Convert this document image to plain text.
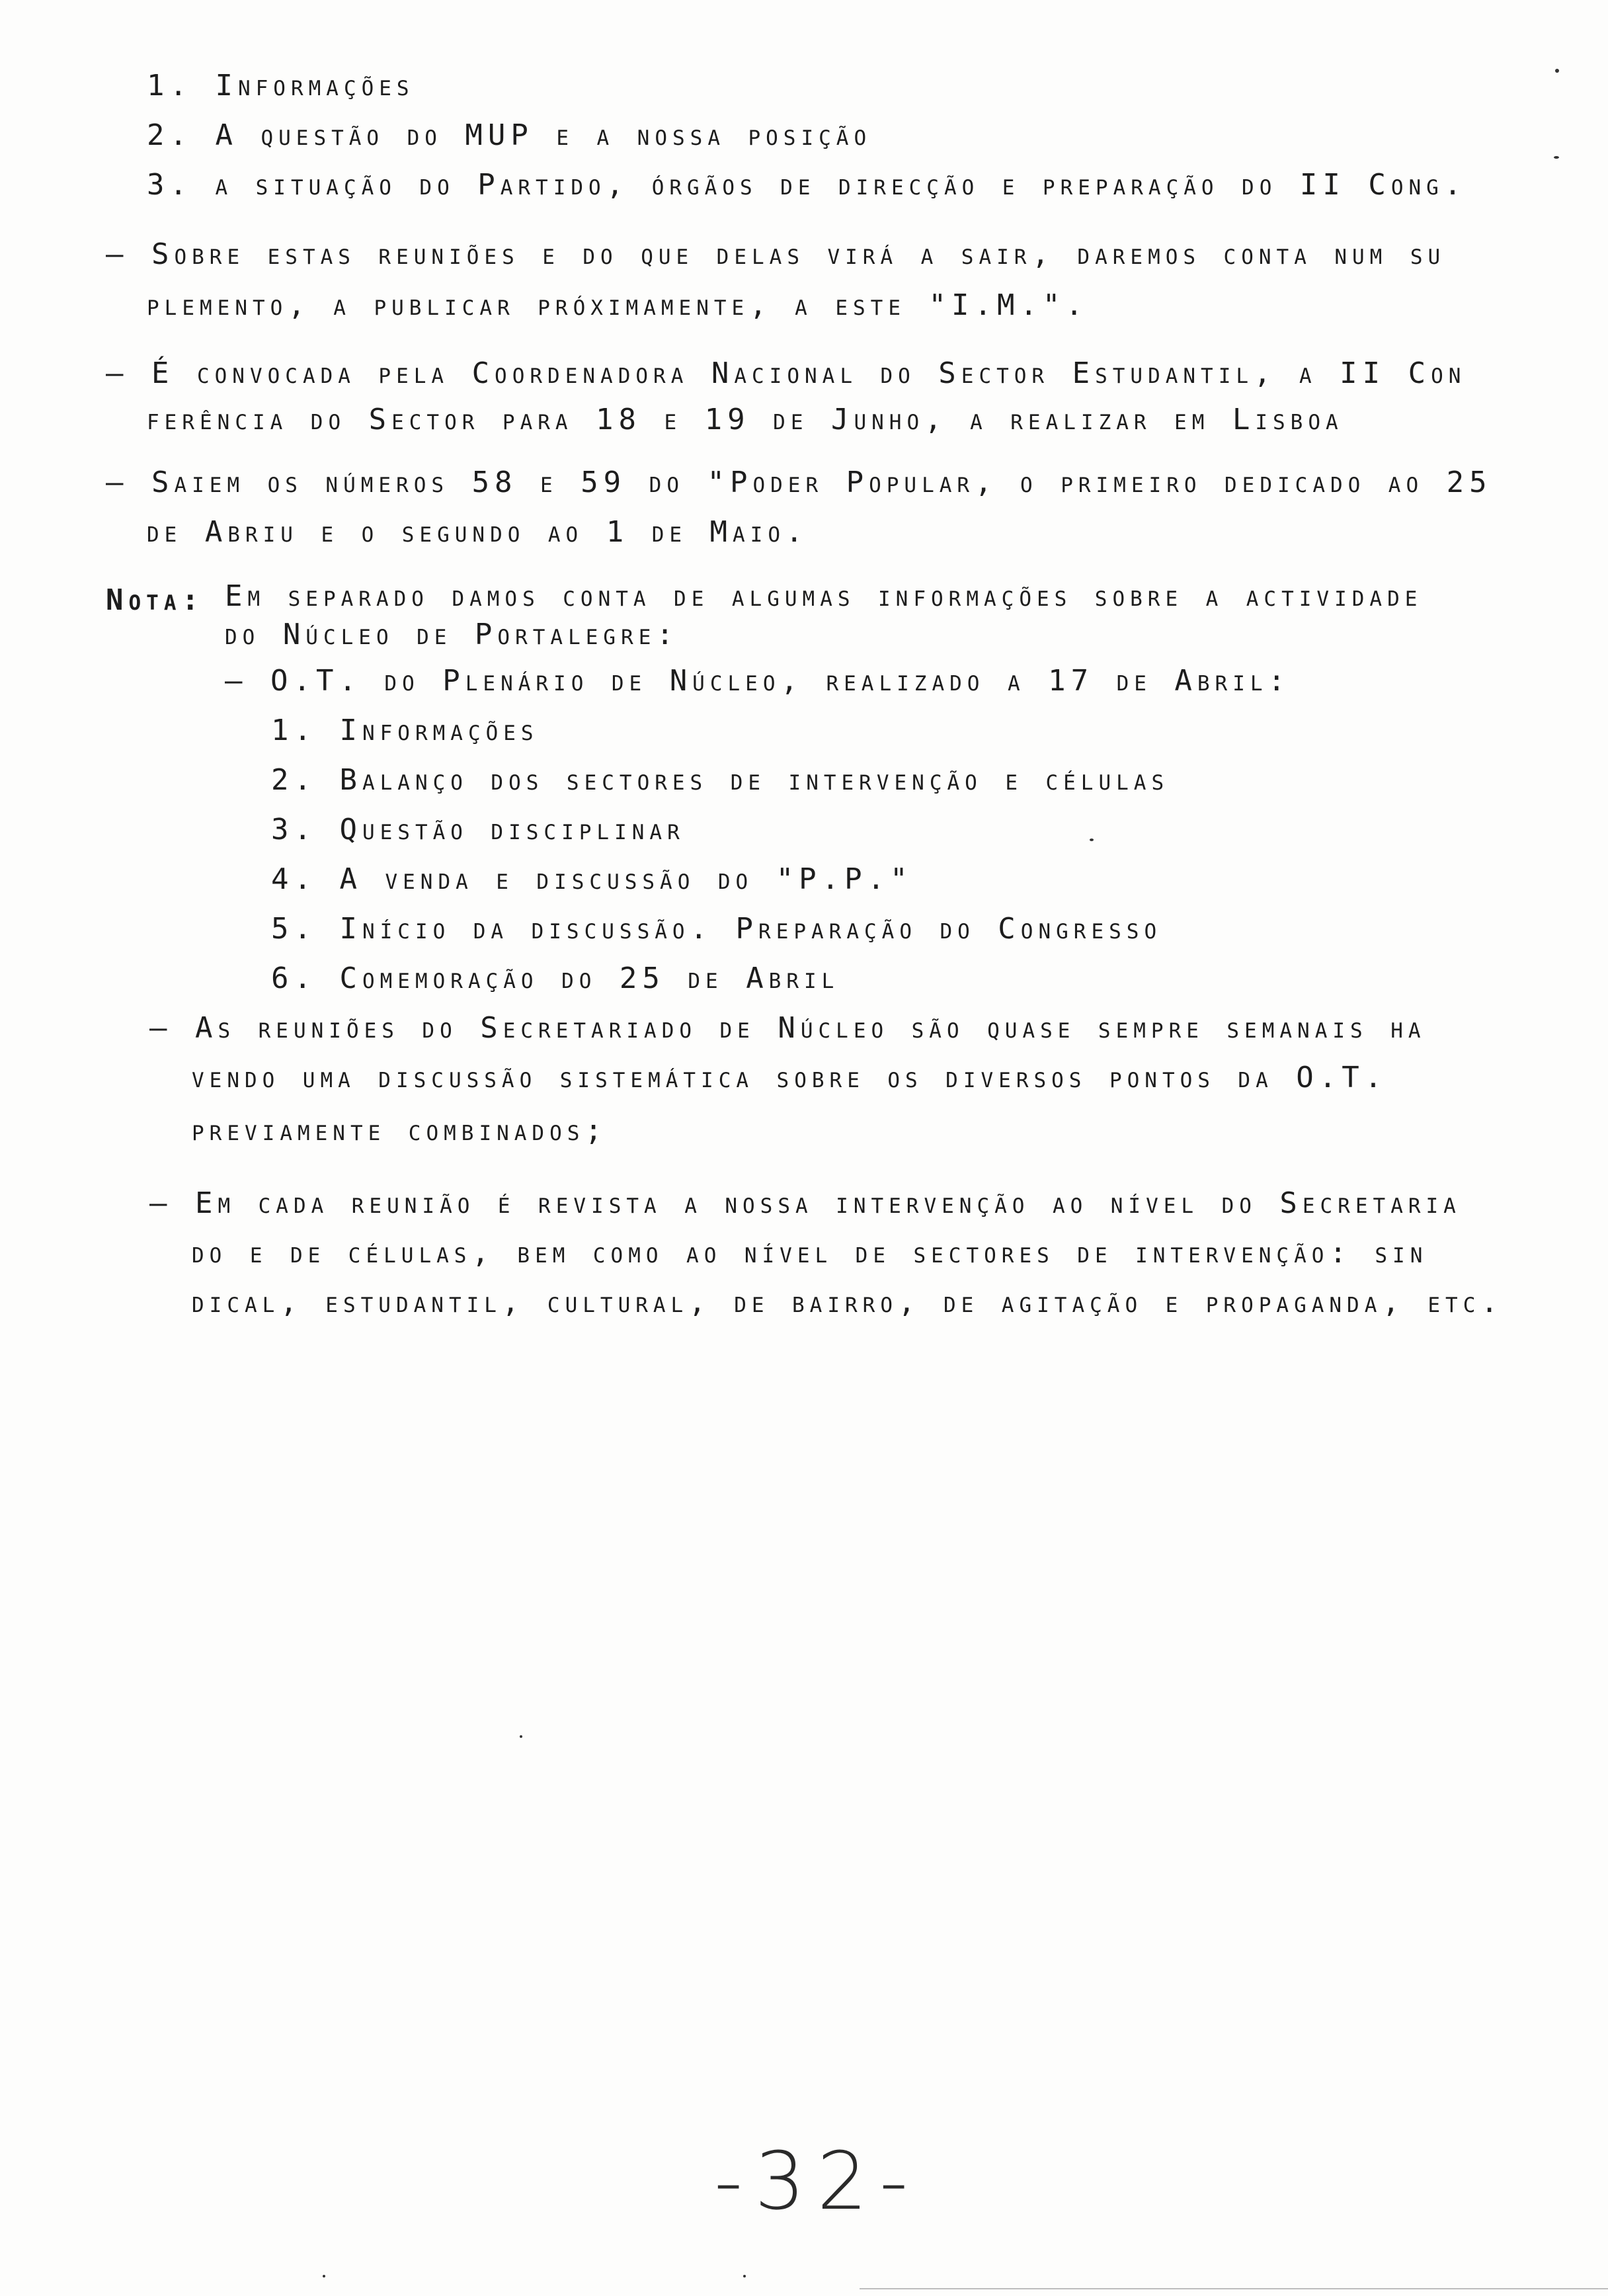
1. Informações
2. A questão do MUP e a nossa posição
3. a situação do Partido, órgãos de direcção e preparação do II Cong.
– Sobre estas reuniões e do que delas virá a sair, daremos conta num su
plemento, a publicar próximamente, a este "I.M.".
– É convocada pela Coordenadora Nacional do Sector Estudantil, a II Con
ferência do Sector para 18 e 19 de Junho, a realizar em Lisboa
– Saiem os números 58 e 59 do "Poder Popular, o primeiro dedicado ao 25
de Abriu e o segundo ao 1 de Maio.
Nota: Em separado damos conta de algumas informações sobre a actividade
do Núcleo de Portalegre:
– O.T. do Plenário de Núcleo, realizado a 17 de Abril:
1. Informações
2. Balanço dos sectores de intervenção e células
3. Questão disciplinar
4. A venda e discussão do "P.P."
5. Início da discussão. Preparação do Congresso
6. Comemoração do 25 de Abril
– As reuniões do Secretariado de Núcleo são quase sempre semanais ha
vendo uma discussão sistemática sobre os diversos pontos da O.T.
previamente combinados;
– Em cada reunião é revista a nossa intervenção ao nível do Secretaria
do e de células, bem como ao nível de sectores de intervenção: sin
dical, estudantil, cultural, de bairro, de agitação e propaganda, etc.
-32-
